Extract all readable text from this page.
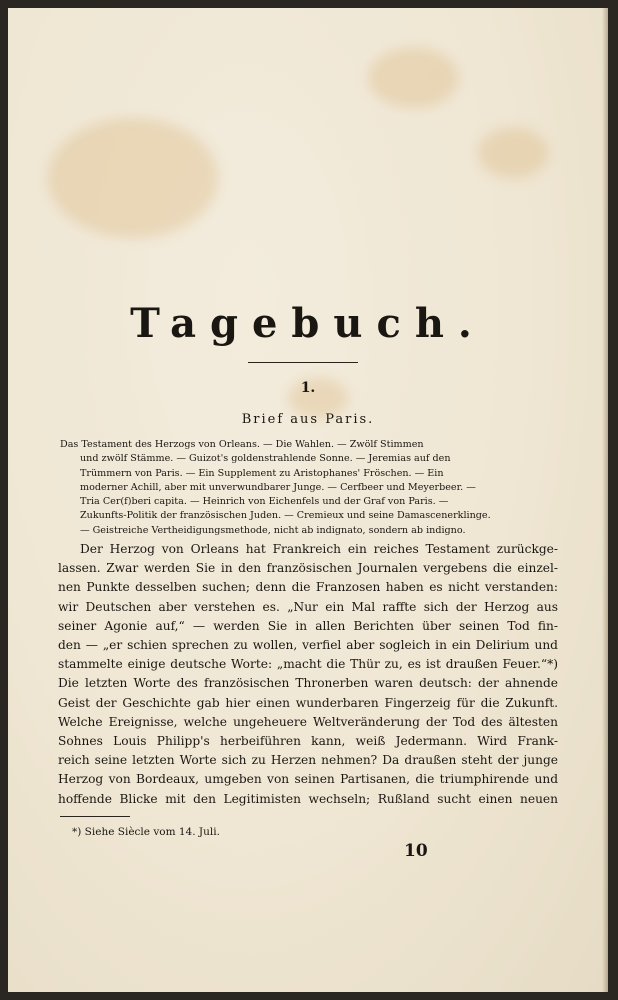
Tagebuch.
1.
Brief aus Paris.
Das Testament des Herzogs von Orleans. — Die Wahlen. — Zwölf Stimmen
und zwölf Stämme. — Guizot's goldenstrahlende Sonne. — Jeremias auf den
Trümmern von Paris. — Ein Supplement zu Aristophanes' Fröschen. — Ein
moderner Achill, aber mit unverwundbarer Junge. — Cerfbeer und Meyerbeer. —
Tria Cer(f)beri capita. — Heinrich von Eichenfels und der Graf von Paris. —
Zukunfts-Politik der französischen Juden. — Cremieux und seine Damascenerklinge.
— Geistreiche Vertheidigungsmethode, nicht ab indignato, sondern ab indigno.
Der Herzog von Orleans hat Frankreich ein reiches Testament zurückge-
lassen. Zwar werden Sie in den französischen Journalen vergebens die einzel-
nen Punkte desselben suchen; denn die Franzosen haben es nicht verstanden:
wir Deutschen aber verstehen es. „Nur ein Mal raffte sich der Herzog aus
seiner Agonie auf,“ — werden Sie in allen Berichten über seinen Tod fin-
den — „er schien sprechen zu wollen, verfiel aber sogleich in ein Delirium und
stammelte einige deutsche Worte: „macht die Thür zu, es ist draußen Feuer.“*)
Die letzten Worte des französischen Thronerben waren deutsch: der ahnende
Geist der Geschichte gab hier einen wunderbaren Fingerzeig für die Zukunft.
Welche Ereignisse, welche ungeheuere Weltveränderung der Tod des ältesten
Sohnes Louis Philipp's herbeiführen kann, weiß Jedermann. Wird Frank-
reich seine letzten Worte sich zu Herzen nehmen? Da draußen steht der junge
Herzog von Bordeaux, umgeben von seinen Partisanen, die triumphirende und
hoffende Blicke mit den Legitimisten wechseln; Rußland sucht einen neuen
*) Siehe Siècle vom 14. Juli.
10
